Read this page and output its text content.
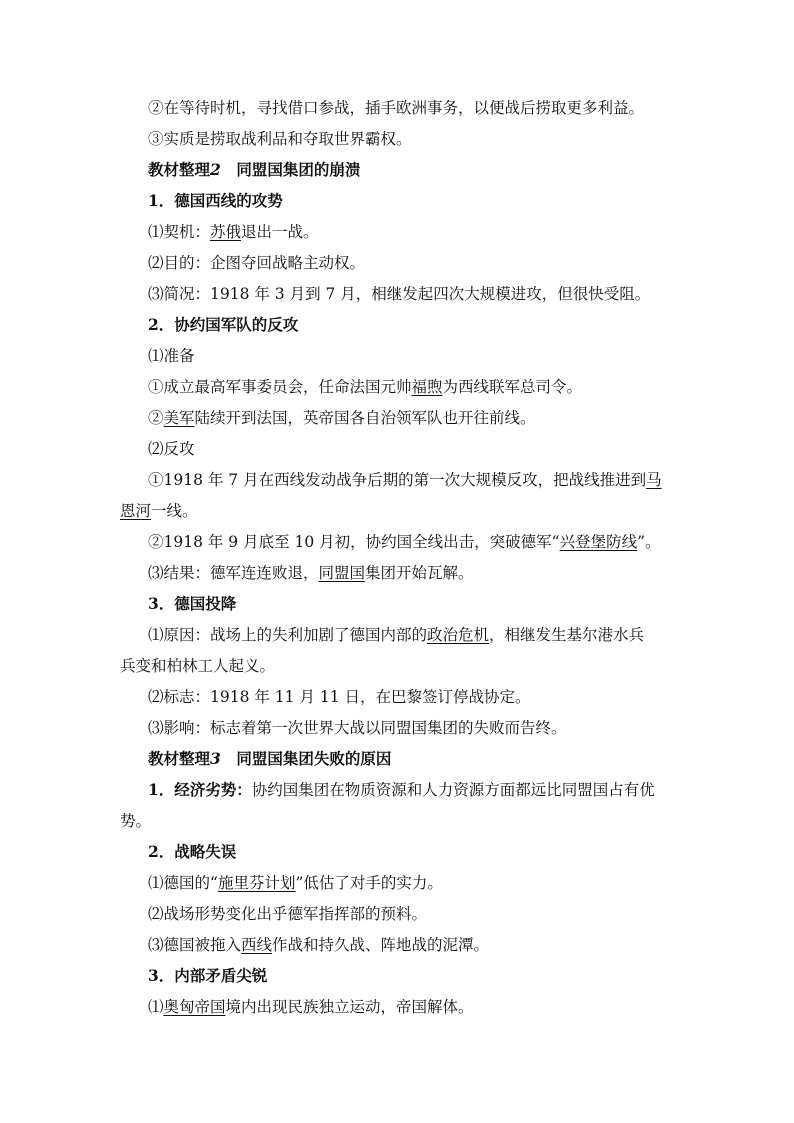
②在等待时机，寻找借口参战，插手欧洲事务，以便战后捞取更多利益。

③实质是捞取战利品和夺取世界霸权。

教材整理2　同盟国集团的崩溃

1．德国西线的攻势

⑴契机：苏俄退出一战。

⑵目的：企图夺回战略主动权。

⑶简况：1918 年 3 月到 7 月，相继发起四次大规模进攻，但很快受阻。

2．协约国军队的反攻

⑴准备

①成立最高军事委员会，任命法国元帅福煦为西线联军总司令。

②美军陆续开到法国，英帝国各自治领军队也开往前线。

⑵反攻

①1918 年 7 月在西线发动战争后期的第一次大规模反攻，把战线推进到马

恩河一线。

②1918 年 9 月底至 10 月初，协约国全线出击，突破德军“兴登堡防线”。

⑶结果：德军连连败退，同盟国集团开始瓦解。

3．德国投降

⑴原因：战场上的失利加剧了德国内部的政治危机，相继发生基尔港水兵

兵变和柏林工人起义。

⑵标志：1918 年 11 月 11 日，在巴黎签订停战协定。

⑶影响：标志着第一次世界大战以同盟国集团的失败而告终。

教材整理3　同盟国集团失败的原因

1．经济劣势：协约国集团在物质资源和人力资源方面都远比同盟国占有优

势。

2．战略失误

⑴德国的“施里芬计划”低估了对手的实力。

⑵战场形势变化出乎德军指挥部的预料。

⑶德国被拖入西线作战和持久战、阵地战的泥潭。

3．内部矛盾尖锐

⑴奥匈帝国境内出现民族独立运动，帝国解体。
